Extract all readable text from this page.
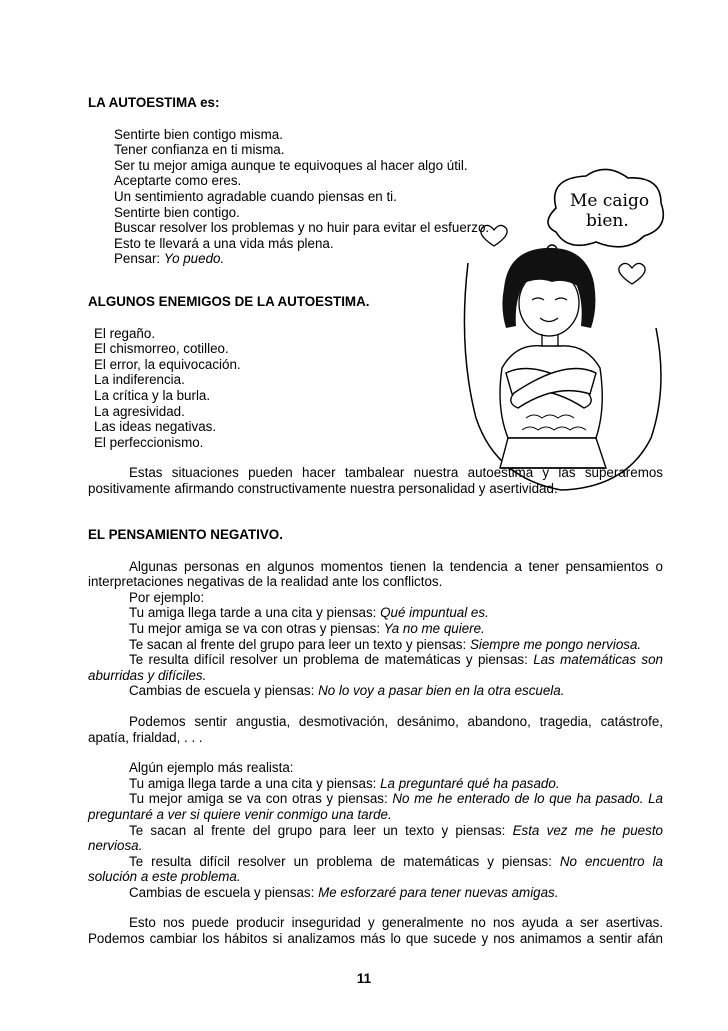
Me caigo
bien.
LA AUTOESTIMA es:
Sentirte bien contigo misma.
Tener confianza en ti misma.
Ser tu mejor amiga aunque te equivoques al hacer algo útil.
Aceptarte como eres.
Un sentimiento agradable cuando piensas en ti.
Sentirte bien contigo.
Buscar resolver los problemas y no huir para evitar el esfuerzo.
Esto te llevará a una vida más plena.
Pensar: Yo puedo.
ALGUNOS ENEMIGOS DE LA AUTOESTIMA.
El regaño.
El chismorreo, cotilleo.
El error, la equivocación.
La indiferencia.
La crítica y la burla.
La agresividad.
Las ideas negativas.
El perfeccionismo.
Estas situaciones pueden hacer tambalear nuestra autoestima y las superaremos positivamente afirmando constructivamente nuestra personalidad y asertividad.
EL PENSAMIENTO NEGATIVO.
Algunas personas en algunos momentos tienen la tendencia a tener pensamientos o interpretaciones negativas de la realidad ante los conflictos.
Por ejemplo:
Tu amiga llega tarde a una cita y piensas: Qué impuntual es.
Tu mejor amiga se va con otras y piensas: Ya no me quiere.
Te sacan al frente del grupo para leer un texto y piensas: Siempre me pongo nerviosa.
Te resulta difícil resolver un problema de matemáticas y piensas: Las matemáticas son aburridas y difíciles.
Cambias de escuela y piensas: No lo voy a pasar bien en la otra escuela.
Podemos sentir angustia, desmotivación, desánimo, abandono, tragedia, catástrofe, apatía, frialdad, . . .
Algún ejemplo más realista:
Tu amiga llega tarde a una cita y piensas: La preguntaré qué ha pasado.
Tu mejor amiga se va con otras y piensas: No me he enterado de lo que ha pasado. La preguntaré a ver si quiere venir conmigo una tarde.
Te sacan al frente del grupo para leer un texto y piensas: Esta vez me he puesto nerviosa.
Te resulta difícil resolver un problema de matemáticas y piensas: No encuentro la solución a este problema.
Cambias de escuela y piensas: Me esforzaré para tener nuevas amigas.
Esto nos puede producir inseguridad y generalmente no nos ayuda a ser asertivas. Podemos cambiar los hábitos si analizamos más lo que sucede y nos animamos a sentir afán
11
